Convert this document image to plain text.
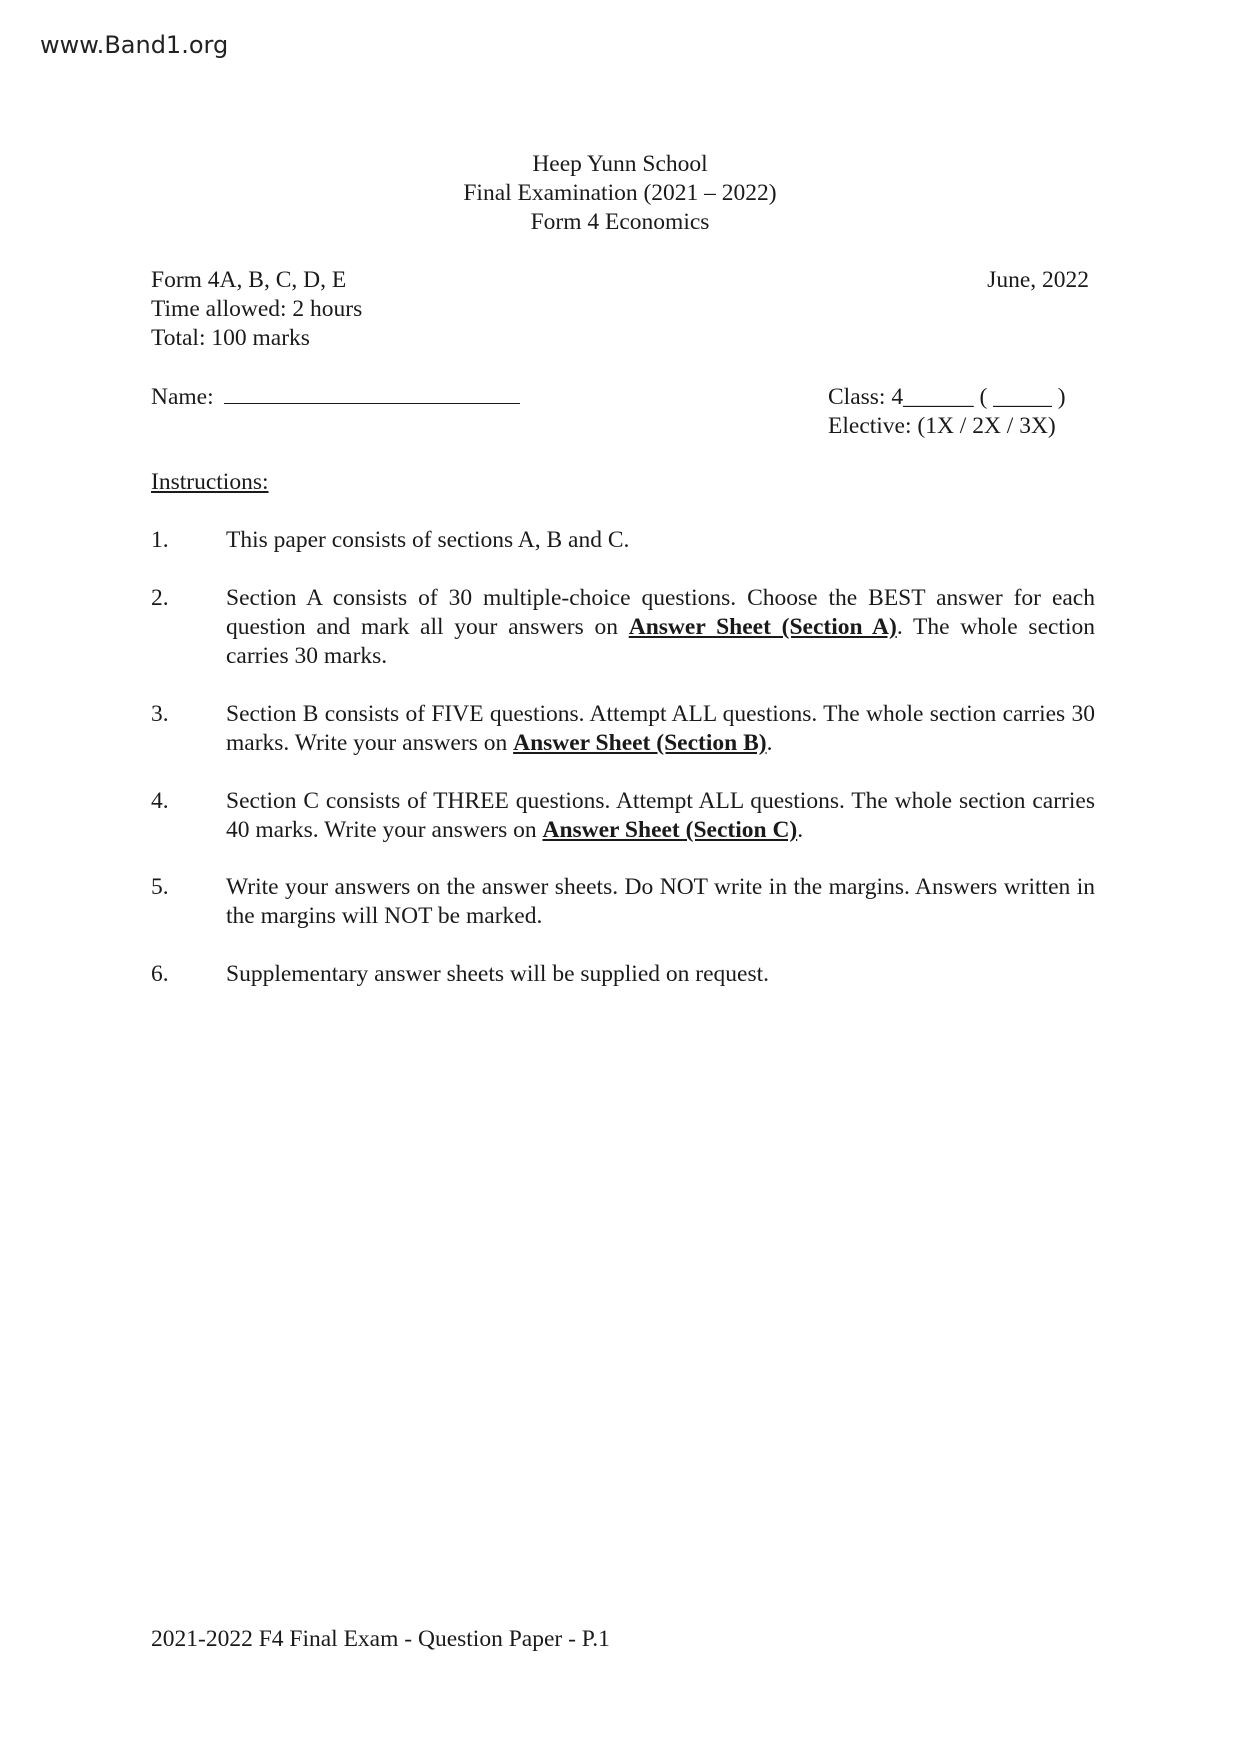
www.Band1.org
Heep Yunn School
Final Examination (2021 – 2022)
Form 4 Economics
Form 4A, B, C, D, E
Time allowed: 2 hours
Total: 100 marks
June, 2022
Name:	Class: 4______ ( _____ )
Elective: (1X / 2X / 3X)
Instructions:
1. This paper consists of sections A, B and C.
2. Section A consists of 30 multiple-choice questions. Choose the BEST answer for each question and mark all your answers on Answer Sheet (Section A). The whole section carries 30 marks.
3. Section B consists of FIVE questions. Attempt ALL questions. The whole section carries 30 marks. Write your answers on Answer Sheet (Section B).
4. Section C consists of THREE questions. Attempt ALL questions. The whole section carries 40 marks. Write your answers on Answer Sheet (Section C).
5. Write your answers on the answer sheets. Do NOT write in the margins. Answers written in the margins will NOT be marked.
6. Supplementary answer sheets will be supplied on request.
2021-2022 F4 Final Exam - Question Paper - P.1
